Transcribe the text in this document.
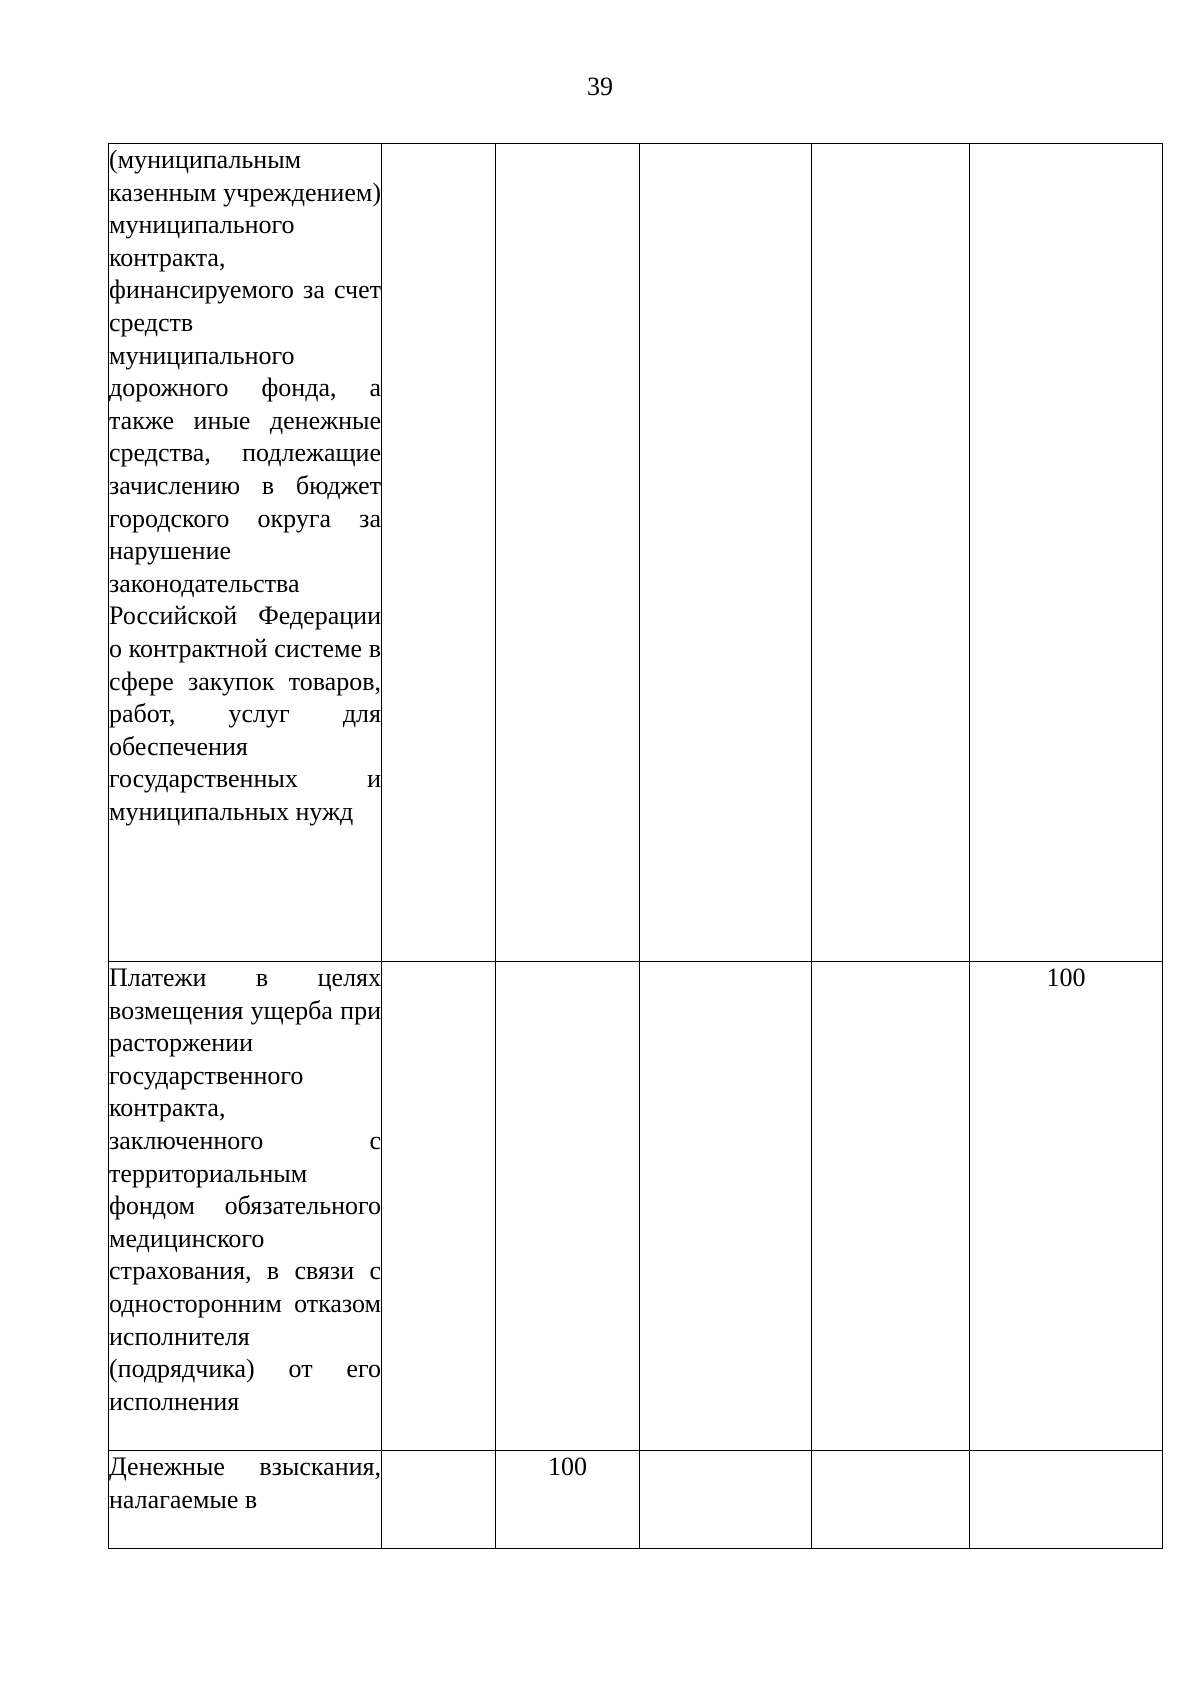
39
(муниципальным казенным учреждением) муниципального контракта, финансируемого за счет средств муниципального дорожного фонда, а также иные денежные средства, подлежащие зачислению в бюджет городского округа за нарушение законодательства Российской Федерации о контрактной системе в сфере закупок товаров, работ, услуг для обеспечения государственных и муниципальных нужд					

Платежи в целях возмещения ущерба при расторжении государственного контракта, заключенного с территориальным фондом обязательного медицинского страхования, в связи с односторонним отказом исполнителя (подрядчика) от его исполнения					100

Денежные взыскания, налагаемые в		100			
